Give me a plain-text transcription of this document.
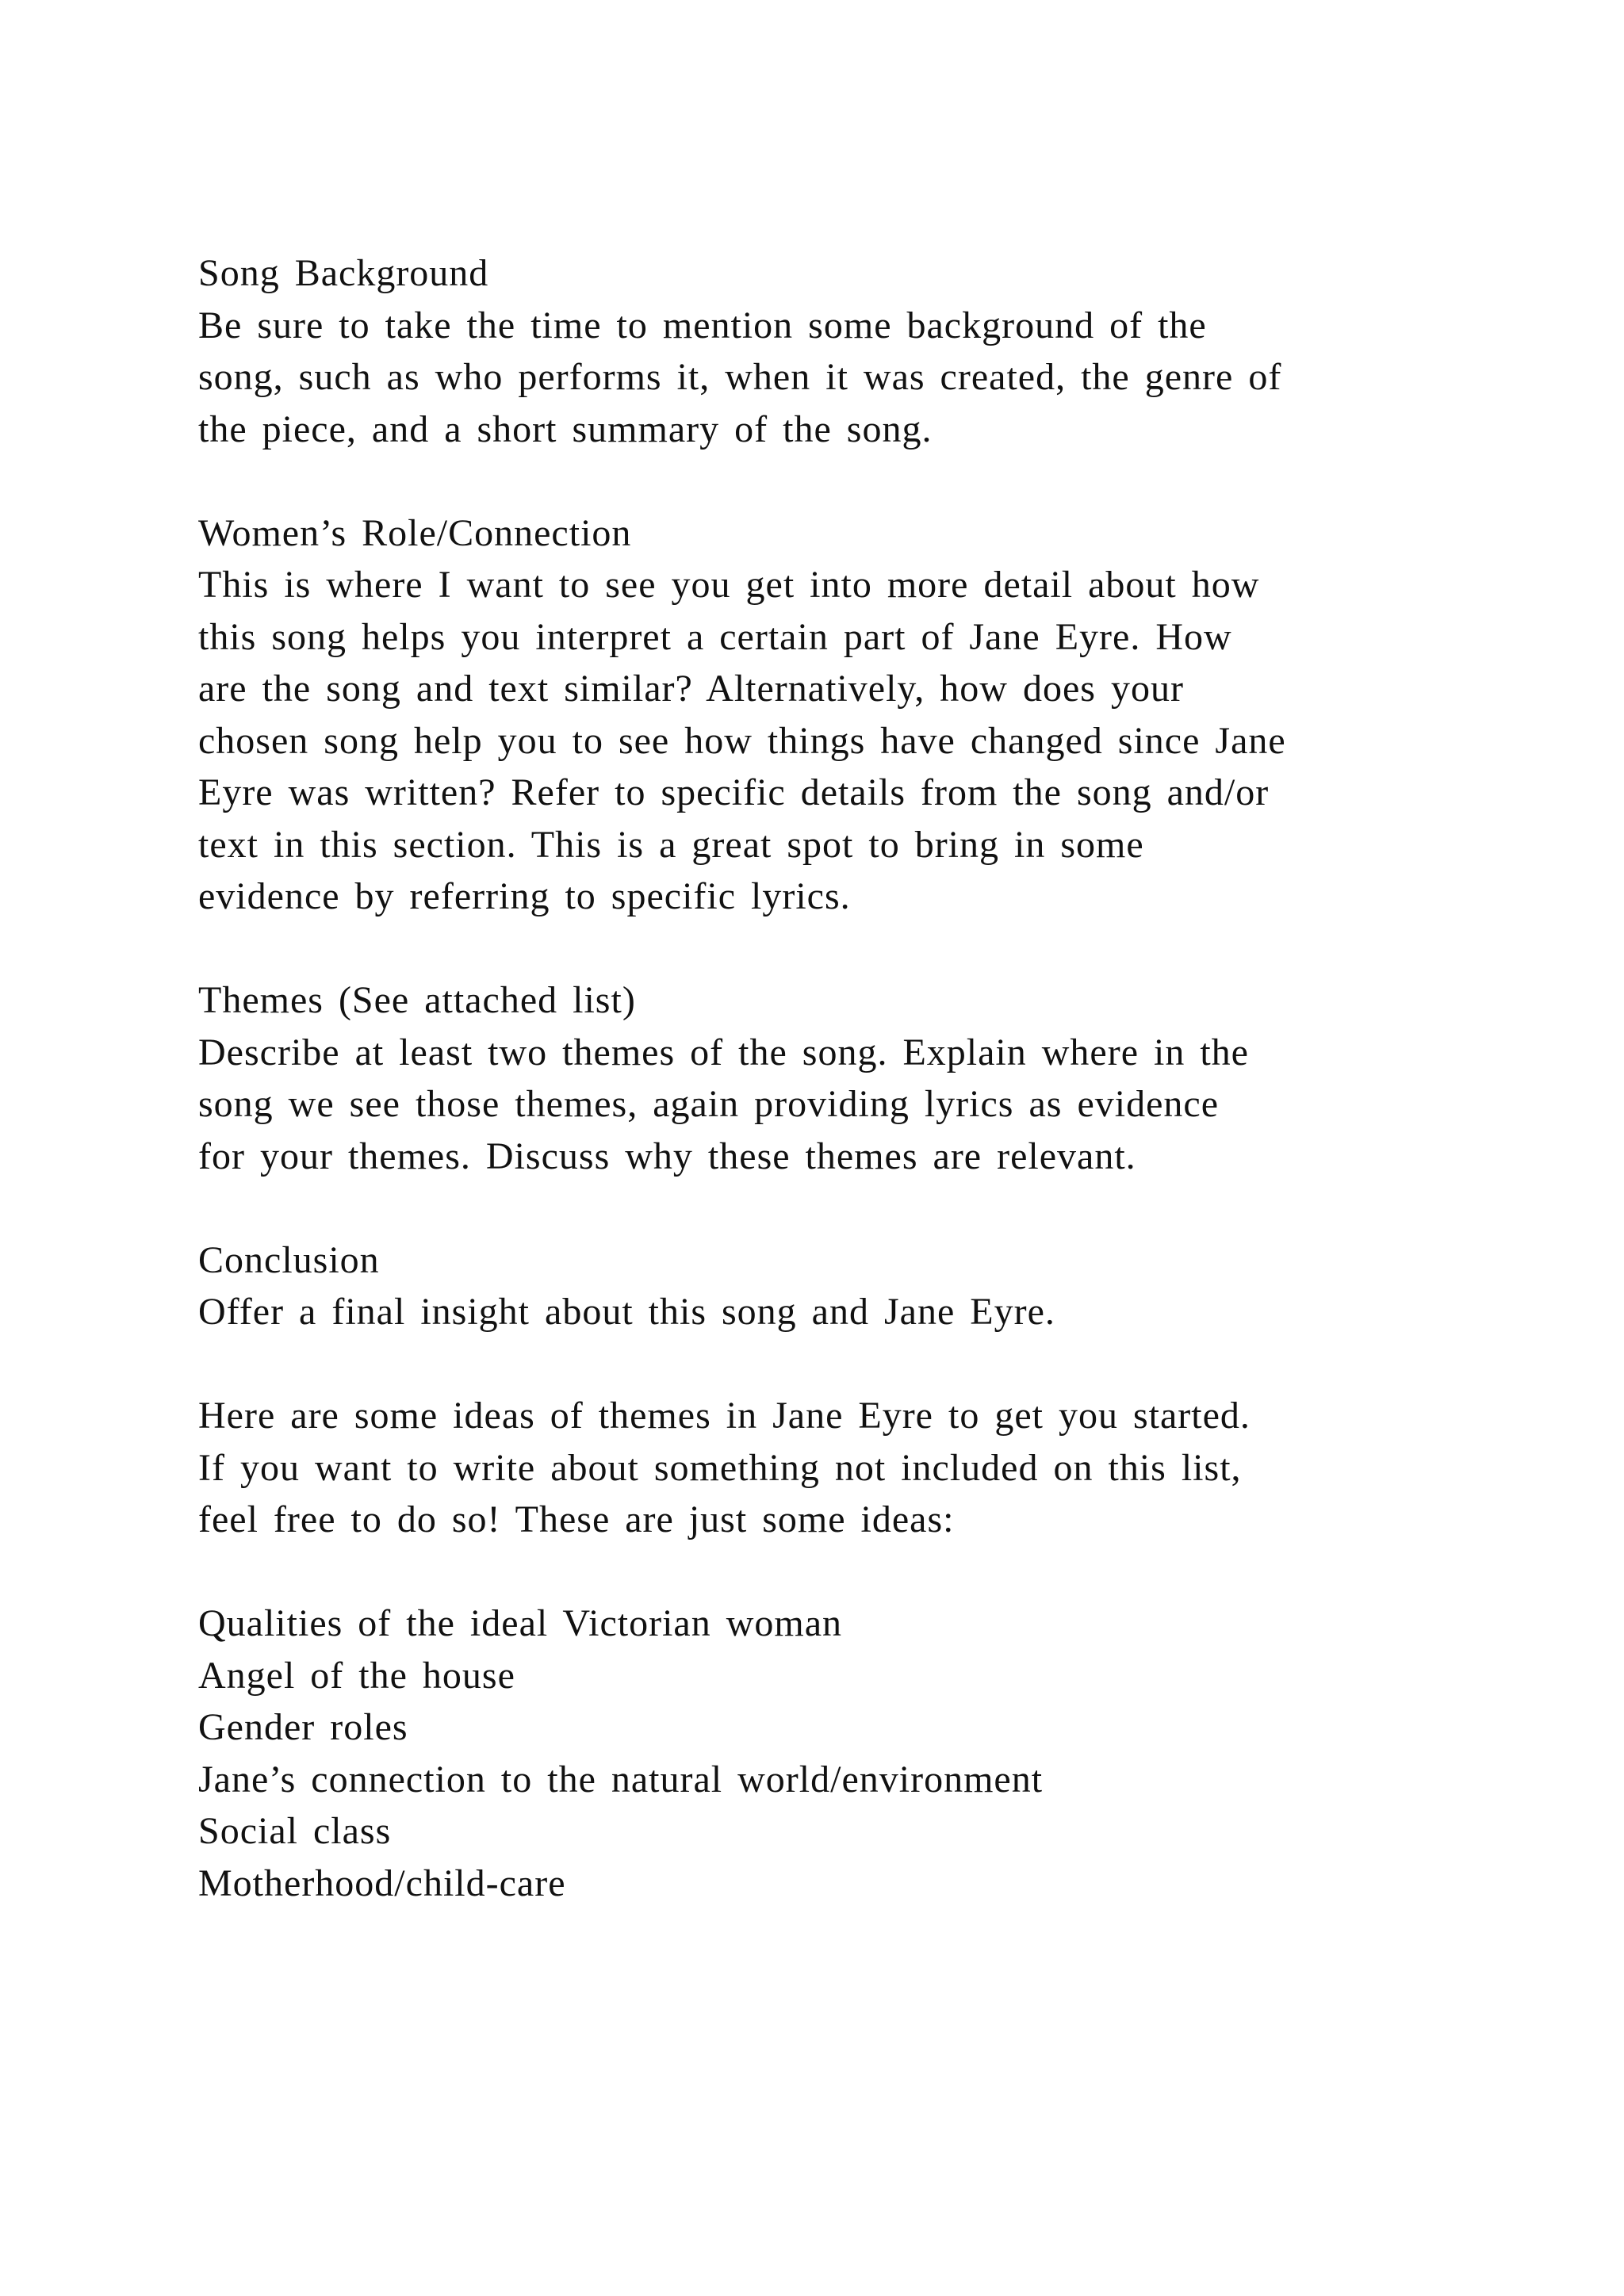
Song Background
Be sure to take the time to mention some background of the
song, such as who performs it, when it was created, the genre of
the piece, and a short summary of the song.
Women’s Role/Connection
This is where I want to see you get into more detail about how
this song helps you interpret a certain part of Jane Eyre. How
are the song and text similar? Alternatively, how does your
chosen song help you to see how things have changed since Jane
Eyre was written? Refer to specific details from the song and/or
text in this section. This is a great spot to bring in some
evidence by referring to specific lyrics.
Themes (See attached list)
Describe at least two themes of the song. Explain where in the
song we see those themes, again providing lyrics as evidence
for your themes. Discuss why these themes are relevant.
Conclusion
Offer a final insight about this song and Jane Eyre.
Here are some ideas of themes in Jane Eyre to get you started.
If you want to write about something not included on this list,
feel free to do so! These are just some ideas:
Qualities of the ideal Victorian woman
Angel of the house
Gender roles
Jane’s connection to the natural world/environment
Social class
Motherhood/child-care
